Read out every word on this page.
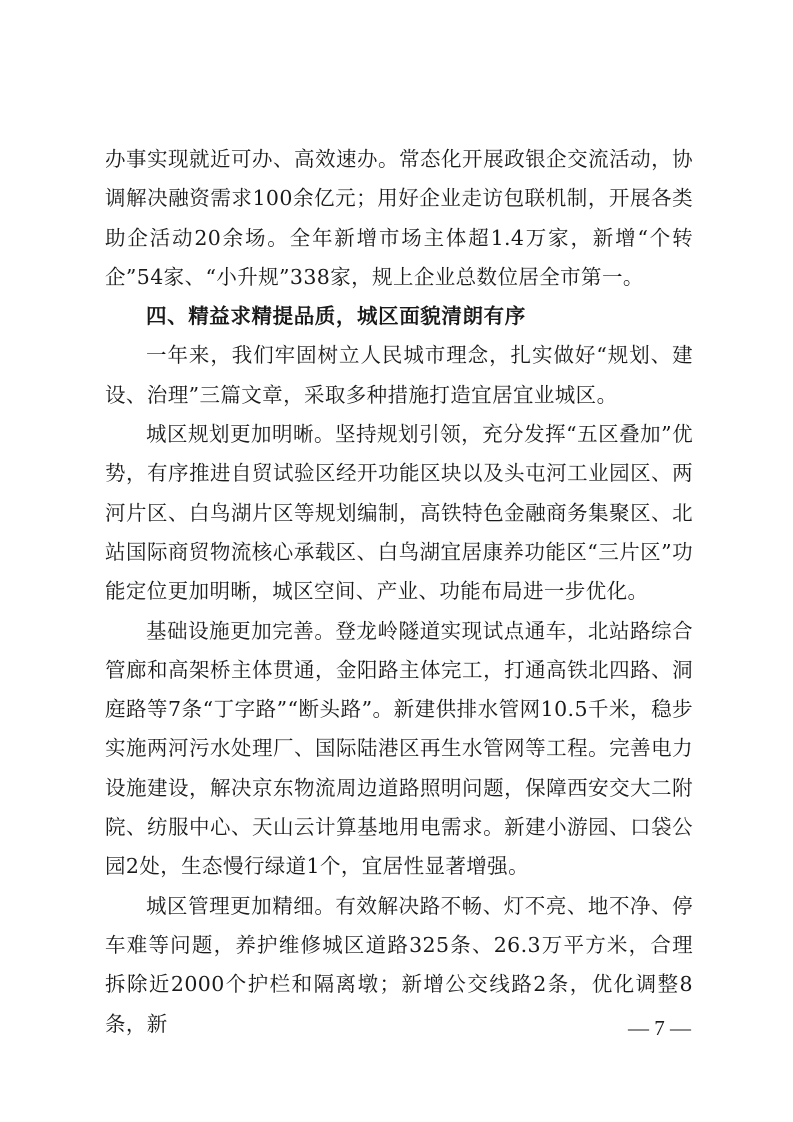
办事实现就近可办、高效速办。常态化开展政银企交流活动，协调解决融资需求100余亿元；用好企业走访包联机制，开展各类助企活动20余场。全年新增市场主体超1.4万家，新增“个转企”54家、“小升规”338家，规上企业总数位居全市第一。

四、精益求精提品质，城区面貌清朗有序

一年来，我们牢固树立人民城市理念，扎实做好“规划、建设、治理”三篇文章，采取多种措施打造宜居宜业城区。

城区规划更加明晰。坚持规划引领，充分发挥“五区叠加”优势，有序推进自贸试验区经开功能区块以及头屯河工业园区、两河片区、白鸟湖片区等规划编制，高铁特色金融商务集聚区、北站国际商贸物流核心承载区、白鸟湖宜居康养功能区“三片区”功能定位更加明晰，城区空间、产业、功能布局进一步优化。

基础设施更加完善。登龙岭隧道实现试点通车，北站路综合管廊和高架桥主体贯通，金阳路主体完工，打通高铁北四路、洞庭路等7条“丁字路”“断头路”。新建供排水管网10.5千米，稳步实施两河污水处理厂、国际陆港区再生水管网等工程。完善电力设施建设，解决京东物流周边道路照明问题，保障西安交大二附院、纺服中心、天山云计算基地用电需求。新建小游园、口袋公园2处，生态慢行绿道1个，宜居性显著增强。

城区管理更加精细。有效解决路不畅、灯不亮、地不净、停车难等问题，养护维修城区道路325条、26.3万平方米，合理拆除近2000个护栏和隔离墩；新增公交线路2条，优化调整8条，新	— 7 —
